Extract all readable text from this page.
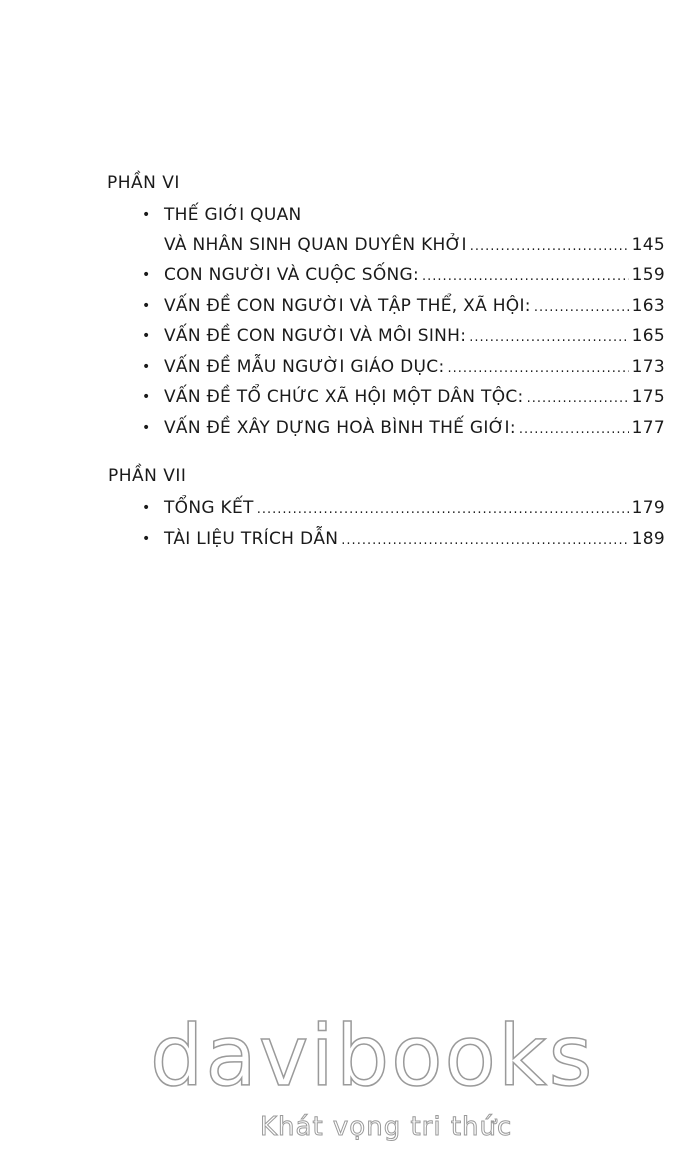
PHẦN VI
• THẾ GIỚI QUAN
VÀ NHÂN SINH QUAN DUYÊN KHỞI .....	145
• CON NGƯỜI VÀ CUỘC SỐNG: .....	159
• VẤN ĐỀ CON NGƯỜI VÀ TẬP THỂ, XÃ HỘI: .....	163
• VẤN ĐỀ CON NGƯỜI VÀ MÔI SINH: .....	165
• VẤN ĐỀ MẪU NGƯỜI GIÁO DỤC: .....	173
• VẤN ĐỀ TỔ CHỨC XÃ HỘI MỘT DÂN TỘC: .....	175
• VẤN ĐỀ XÂY DỰNG HOÀ BÌNH THẾ GIỚI: .....	177
PHẦN VII
• TỔNG KẾT .....	179
• TÀI LIỆU TRÍCH DẪN .....	189
davibooks
Khát vọng tri thức
